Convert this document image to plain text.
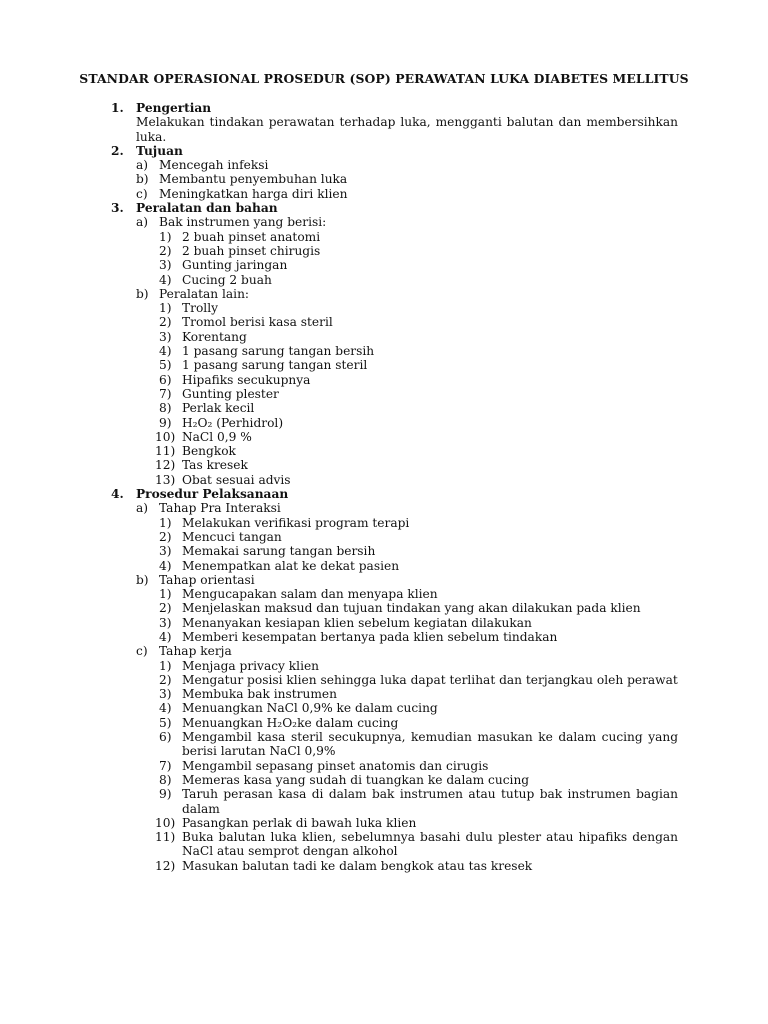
STANDAR OPERASIONAL PROSEDUR (SOP) PERAWATAN LUKA DIABETES MELLITUS
1. Pengertian
Melakukan tindakan perawatan terhadap luka, mengganti balutan dan membersihkan luka.
2. Tujuan
a) Mencegah infeksi
b) Membantu penyembuhan luka
c) Meningkatkan harga diri klien
3. Peralatan dan bahan
a) Bak instrumen yang berisi:
1) 2 buah pinset anatomi
2) 2 buah pinset chirugis
3) Gunting jaringan
4) Cucing 2 buah
b) Peralatan lain:
1) Trolly
2) Tromol berisi kasa steril
3) Korentang
4) 1 pasang sarung tangan bersih
5) 1 pasang sarung tangan steril
6) Hipafiks secukupnya
7) Gunting plester
8) Perlak kecil
9) H₂O₂ (Perhidrol)
10) NaCl 0,9 %
11) Bengkok
12) Tas kresek
13) Obat sesuai advis
4. Prosedur Pelaksanaan
a) Tahap Pra Interaksi
1) Melakukan verifikasi program terapi
2) Mencuci tangan
3) Memakai sarung tangan bersih
4) Menempatkan alat ke dekat pasien
b) Tahap orientasi
1) Mengucapakan salam dan menyapa klien
2) Menjelaskan maksud dan tujuan tindakan yang akan dilakukan pada klien
3) Menanyakan kesiapan klien sebelum kegiatan dilakukan
4) Memberi kesempatan bertanya pada klien sebelum tindakan
c) Tahap kerja
1) Menjaga privacy klien
2) Mengatur posisi klien sehingga luka dapat terlihat dan terjangkau oleh perawat
3) Membuka bak instrumen
4) Menuangkan NaCl 0,9% ke dalam cucing
5) Menuangkan H₂O₂ke dalam cucing
6) Mengambil kasa steril secukupnya, kemudian masukan ke dalam cucing yang berisi larutan NaCl 0,9%
7) Mengambil sepasang pinset anatomis dan cirugis
8) Memeras kasa yang sudah di tuangkan ke dalam cucing
9) Taruh perasan kasa di dalam bak instrumen atau tutup bak instrumen bagian dalam
10) Pasangkan perlak di bawah luka klien
11) Buka balutan luka klien, sebelumnya basahi dulu plester atau hipafiks dengan NaCl atau semprot dengan alkohol
12) Masukan balutan tadi ke dalam bengkok atau tas kresek
